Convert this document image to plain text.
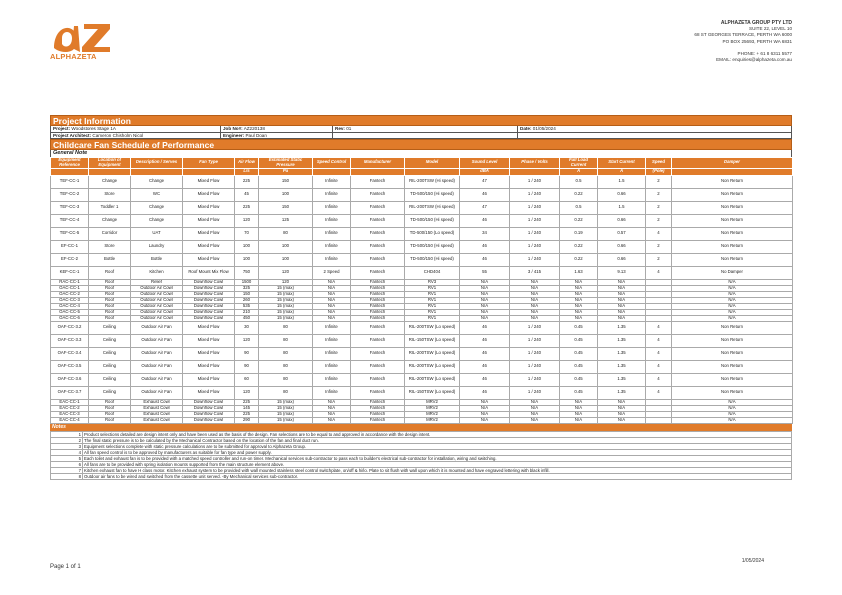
ALPHAZETA
ALPHAZETA GROUP PTY LTD
SUITE 22, LEVEL 10
68 ST GEORGES TERRACE, PERTH WA 6000
PO BOX 25693, PERTH WA 6831
PHONE: + 61 8 6311 5577
EMAIL: enquiries@alphazeta.com.au
Project Information
Project: Woodstores Stage 1A	Job No#: AZ220138	Rev: 01	Date: 01/05/2024
Project Architect: Cameron Chisholm Nicol	Engineer: Paul Doan
Childcare Fan Schedule of Performance
General Note
Equipment Reference	Location of Equipment	Description / Serves	Fan Type	Air Flow	Estimated Static Pressure	Speed Control	Manufacturer	Model	Sound Level	Phase / Volts	Full Load Current	Start Current	Speed	Damper
				L/s	Pa				dBA		A	A	(Pole)	
TEF-CC-1	Change	Change	Mixed Flow	225	150	Infinite	Fantech	RIL-200TSW (Hi speed)	47	1 / 240	0.5	1.5	2	Non Return
TEF-CC-2	Store	WC	Mixed Flow	45	100	Infinite	Fantech	TD-500/150 (Hi speed)	46	1 / 240	0.22	0.66	2	Non Return
TEF-CC-3	Toddler 1	Change	Mixed Flow	225	150	Infinite	Fantech	RIL-200TSW (Hi speed)	47	1 / 240	0.5	1.5	2	Non Return
TEF-CC-4	Change	Change	Mixed Flow	120	125	Infinite	Fantech	TD-500/150 (Hi speed)	46	1 / 240	0.22	0.66	2	Non Return
TEF-CC-5	Corridor	UAT	Mixed Flow	70	80	Infinite	Fantech	TD-500/150 (Lo speed)	34	1 / 240	0.19	0.57	4	Non Return
EF-CC-1	Store	Laundry	Mixed Flow	100	100	Infinite	Fantech	TD-500/150 (Hi speed)	46	1 / 240	0.22	0.66	2	Non Return
EF-CC-2	Bottle	Bottle	Mixed Flow	100	100	Infinite	Fantech	TD-500/150 (Hi speed)	46	1 / 240	0.22	0.66	2	Non Return
KEF-CC-1	Roof	Kitchen	Roof Mount Mix Flow	750	120	2 Speed	Fantech	CHD404	55	3 / 415	1.63	9.13	4	No Damper
RAC-CC-1	Roof	Relief	Downflow Cowl	1500	120	N/A	Fantech	RV3	N/A	N/A	N/A	N/A		N/A
OAC-CC-1	Roof	Outdoor Air Cowl	Downflow Cowl	325	15 (max)	N/A	Fantech	RV1	N/A	N/A	N/A	N/A		N/A
OAC-CC-2	Roof	Outdoor Air Cowl	Downflow Cowl	150	15 (max)	N/A	Fantech	RV1	N/A	N/A	N/A	N/A		N/A
OAC-CC-3	Roof	Outdoor Air Cowl	Downflow Cowl	260	15 (max)	N/A	Fantech	RV1	N/A	N/A	N/A	N/A		N/A
OAC-CC-4	Roof	Outdoor Air Cowl	Downflow Cowl	535	15 (max)	N/A	Fantech	RV1	N/A	N/A	N/A	N/A		N/A
OAC-CC-5	Roof	Outdoor Air Cowl	Downflow Cowl	210	15 (max)	N/A	Fantech	RV1	N/A	N/A	N/A	N/A		N/A
OAC-CC-6	Roof	Outdoor Air Cowl	Downflow Cowl	450	15 (max)	N/A	Fantech	RV1	N/A	N/A	N/A	N/A		N/A
OAF-CC-3.2	Ceiling	Outdoor Air Fan	Mixed Flow	30	80	Infinite	Fantech	RIL-200TSW (Lo speed)	46	1 / 240	0.45	1.35	4	Non Return
OAF-CC-3.3	Ceiling	Outdoor Air Fan	Mixed Flow	120	80	Infinite	Fantech	RIL-150TSW (Lo speed)	46	1 / 240	0.45	1.35	4	Non Return
OAF-CC-3.4	Ceiling	Outdoor Air Fan	Mixed Flow	90	80	Infinite	Fantech	RIL-200TSW (Lo speed)	46	1 / 240	0.45	1.35	4	Non Return
OAF-CC-3.5	Ceiling	Outdoor Air Fan	Mixed Flow	90	80	Infinite	Fantech	RIL-200TSW (Lo speed)	46	1 / 240	0.45	1.35	4	Non Return
OAF-CC-3.6	Ceiling	Outdoor Air Fan	Mixed Flow	60	80	Infinite	Fantech	RIL-200TSW (Lo speed)	46	1 / 240	0.45	1.35	4	Non Return
OAF-CC-3.7	Ceiling	Outdoor Air Fan	Mixed Flow	120	80	Infinite	Fantech	RIL-150TSW (Lo speed)	46	1 / 240	0.45	1.35	4	Non Return
EAC-CC-1	Roof	Exhaust Cowl	Downflow Cowl	225	15 (max)	N/A	Fantech	MRV2	N/A	N/A	N/A	N/A		N/A
EAC-CC-2	Roof	Exhaust Cowl	Downflow Cowl	145	15 (max)	N/A	Fantech	MRV2	N/A	N/A	N/A	N/A		N/A
EAC-CC-3	Roof	Exhaust Cowl	Downflow Cowl	225	15 (max)	N/A	Fantech	MRV2	N/A	N/A	N/A	N/A		N/A
EAC-CC-4	Roof	Exhaust Cowl	Downflow Cowl	290	15 (max)	N/A	Fantech	MRV2	N/A	N/A	N/A	N/A		N/A
Notes
1	Product selections detailed are design intent only and have been used as the basis of the design. Fan selections are to be equal to and approved in accordance with the design intent.
2	The final static pressure is to be calculated by the Mechanical Contractor based on the location of the fan and final duct run.
3	Equipment selections complete with static pressure calculations are to be submitted for approval to Alphazeta Group.
4	All fan speed control is to be approved by manufacturers as suitable for fan type and power supply.
5	Each toilet and exhaust fan is to be provided with a matched speed controller and run-on timer. Mechanical services sub-contractor to pass each to builder's electrical sub-contractor for installation, wiring and switching.
6	All fans are to be provided with spring isolation mounts supported from the main structure element above.
7	Kitchen exhaust fan to have H class motor. Kitchen exhaust system to be provided with wall mounted stainless steel control switchplate, on/off & hi/lo. Plate to sit flush with wall upon which it is mounted and have engraved lettering with black infill.
8	Outdoor air fans to be wired and switched from the cassette unit served. -By Mechanical services sub-contractor.
Page 1 of 1
1/05/2024
